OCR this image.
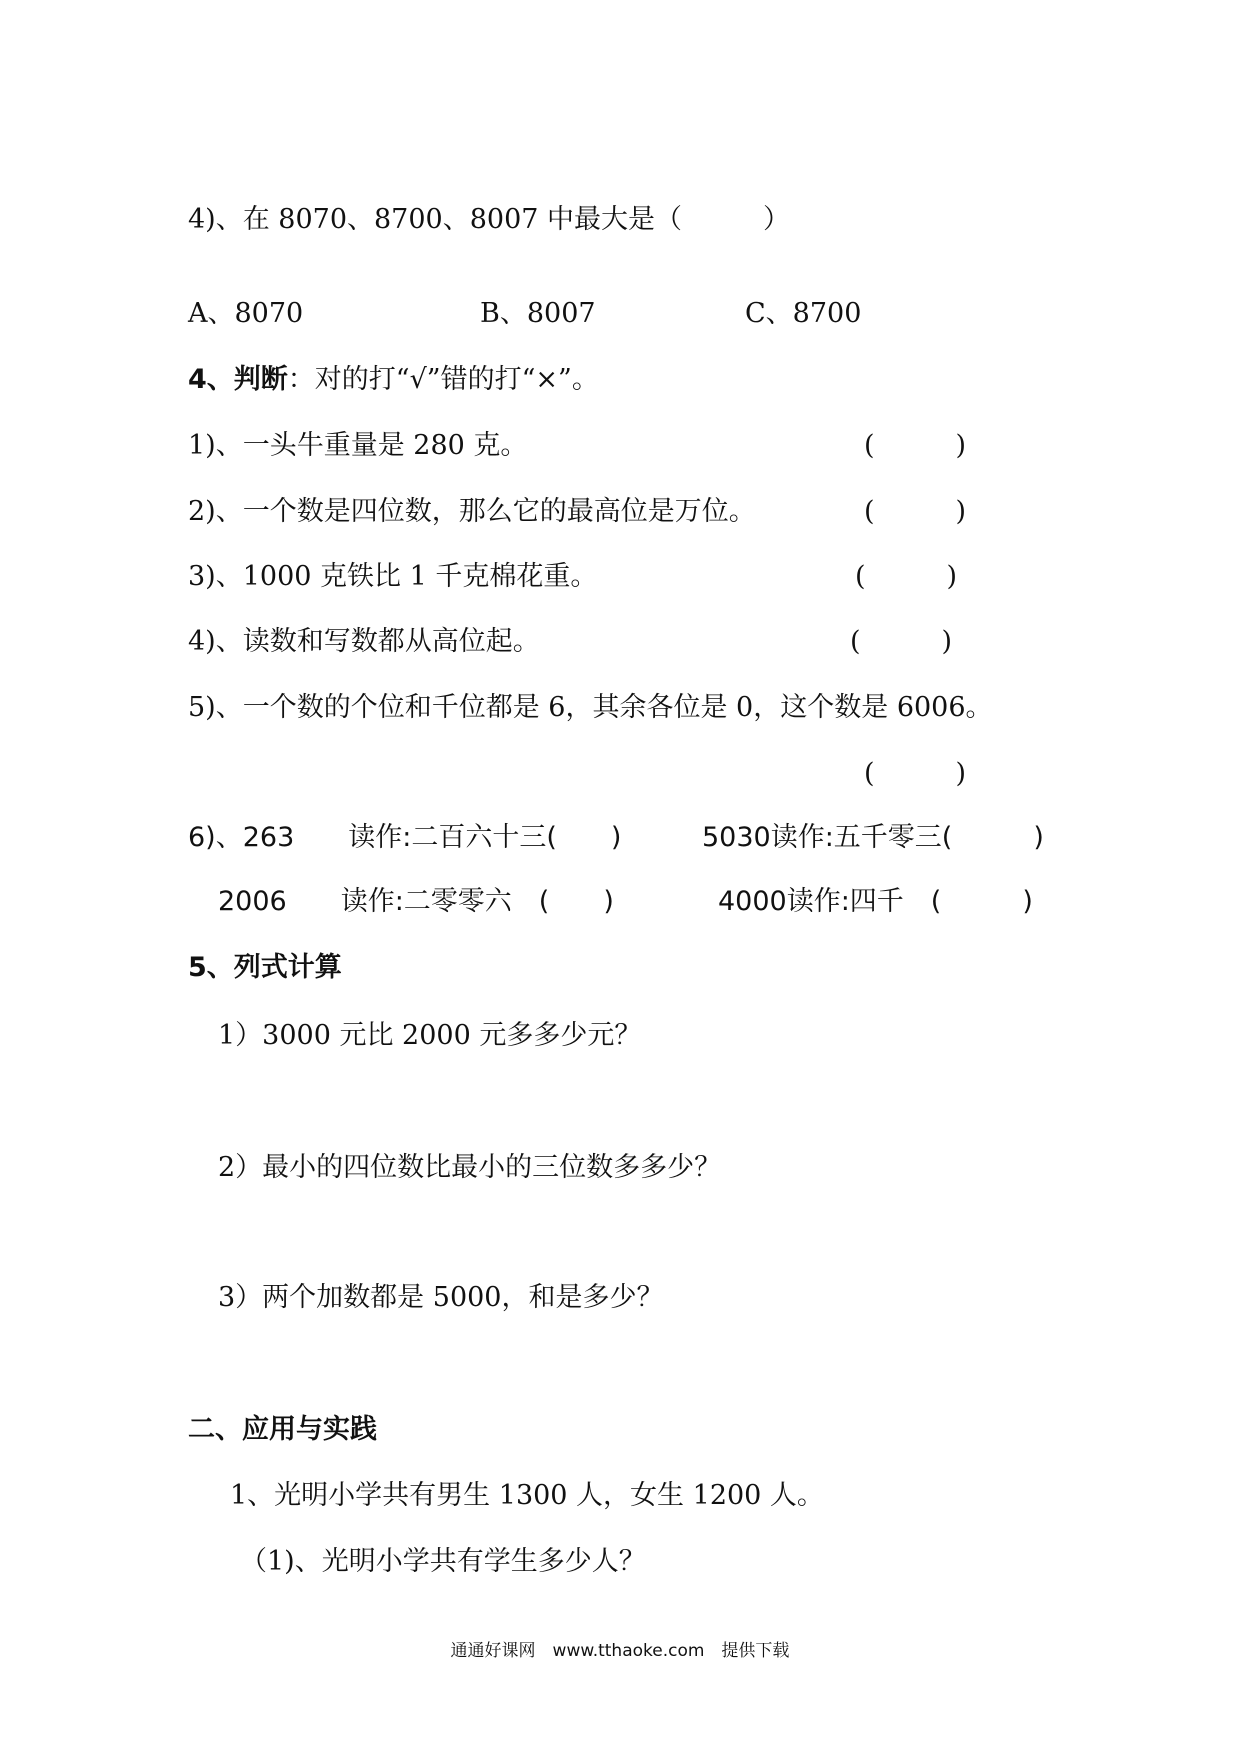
4)、在 8070、8700、8007 中最大是（　　　）
A、8070	B、8007	C、8700
4、判断：对的打“√”错的打“×”。
1)、一头牛重量是 280 克。	(　　　)
2)、一个数是四位数，那么它的最高位是万位。	(　　　)
3)、1000 克铁比 1 千克棉花重。	(　　　)
4)、读数和写数都从高位起。	(　　　)
5)、一个数的个位和千位都是 6，其余各位是 0，这个数是 6006。
(　　　)
6)、263　　读作:二百六十三(　　)	5030读作:五千零三(　　　)
2006　　读作:二零零六　(　　)	4000读作:四千　(　　　)
5、列式计算
1）3000 元比 2000 元多多少元？
2）最小的四位数比最小的三位数多多少？
3）两个加数都是 5000，和是多少？
二、应用与实践
1、光明小学共有男生 1300 人，女生 1200 人。
（1)、光明小学共有学生多少人？
通通好课网　www.tthaoke.com　提供下载
